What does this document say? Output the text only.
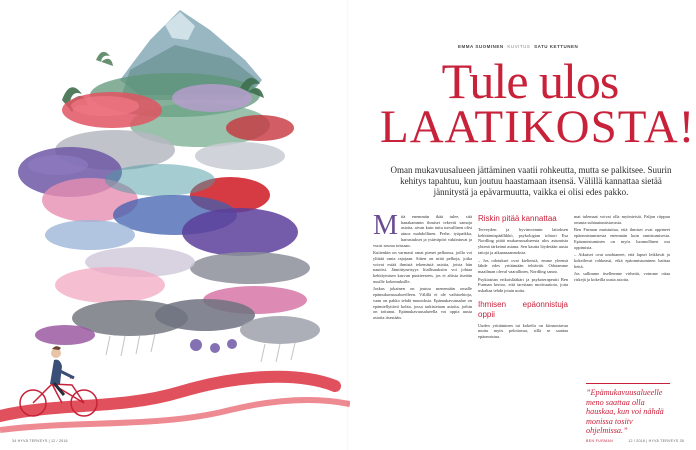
EMMA SUOMINEN KUVITUS SATU KETTUNEN
Tule ulos
LAATIKOSTA!
Oman mukavuusalueen jättäminen vaatii rohkeutta, mutta se palkitsee. Suurin kehitys tapahtuu, kun joutuu haastamaan itsensä. Välillä kannattaa sietää jännitystä ja epävarmuutta, vaikka ei olisi edes pakko.
M itä enemmän ikää tulee, sitä hanakammin ihmiset tekevät samoja asioita, aivan kuin tuttu turvallinen olisi ainoa mahdollinen. Perhe, työpaikka, harrastukset ja ystäväpiiri vakiintuvat ja vuosi seuraa toistaan.

Kuitenkin on varmasti omat pienet pelkonsa, joilla voi ylittää omia rajojaan. Sitten on niitä pelkoja, jotka voivat estää ihmistä tekemästä asioita, joista hän nauttisi. Jännittyneisyys liiallisuuksiin voi johtaa kehittymisen kasvun puutteeseen, jos ei altista itseään uusille kokemuksille.

Joskus jokainen on joutuu menemään omalle epämukavuusalueelleen. Välillä ei ole vaihtoehtoja, vaan on pakko tehdä muutoksia. Epämukavuusalue on epämiellyttävä kohta, jossa tarkistetaan asioita, joihin on tottunut. Epämukavuusalueella voi oppia uusia asioita itsestään.

Riskin pitää kannattaa

Terveyden ja hyvinvoinnin laitoksen kehittämispäällikkö, psykologian tohtori Esa Nordling pitää mukavuusalueesta ulos astumista yhtenä tärkeänä asiana. Sen kautta löydetään uusia taitoja ja aikaansaannoksia.

– Jos odotukset ovat kielteisiä, emme yleensä lähde edes yrittämään tehtävää. Odotamme maailman oleval vaarallinen, Nordling sanoo.

Psykiatrian erikoislääkäri ja psykoterapeutti Ben Furman kertoo, että tarvitaan motivaatiota, jotta uskaltaa tehdä jotain uutta.

Ihmisen epäonnistuja oppii

Uuden yrittäminen tai kokeilu on kiinnostavaa mutta myös pelottavaa, sillä se saattaa epäonnistua.

mat tulemaat voivat olla myönteisiä. Paljon riippuu omasta suhtautumistavasta.

Ben Furman muistuttaa, että ihmiset ovat oppineet epäonnistumisesta enemmän kuin onnistumisesta. Epäonnistuminen on myös luonnollinen osa oppimista.

– Aikuiset ovat unohtaneet, että lapset leikkivät ja kokeilevat rohkeasti, eikä epäonnistuminen haittaa heitä.

Jos sallimme itsellemme virheitä, voimme ottaa riskejä ja kokeilla uusia asioita.

”Epämukavuusalueelle meno saattaa olla hauskaa, kun voi nähdä monissa tositv ohjelmissa.”
BEN FURMAN
34 HYVÄ TERVEYS | 12 / 2016	12 / 2016 | HYVÄ TERVEYS 35
